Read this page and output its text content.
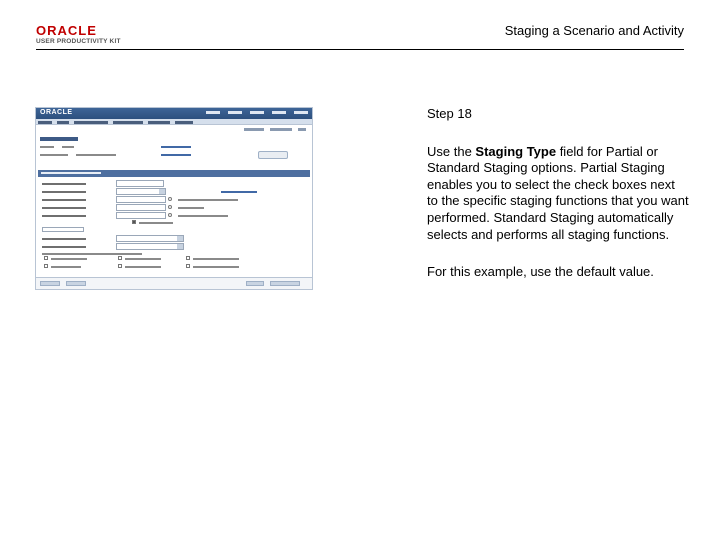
ORACLE
USER PRODUCTIVITY KIT
Staging a Scenario and Activity
ORACLE	Step 18
Use the Staging Type field for Partial or Standard Staging options. Partial Staging enables you to select the check boxes next to the specific staging functions that you want performed. Standard Staging automatically selects and performs all staging functions.
For this example, use the default value.
